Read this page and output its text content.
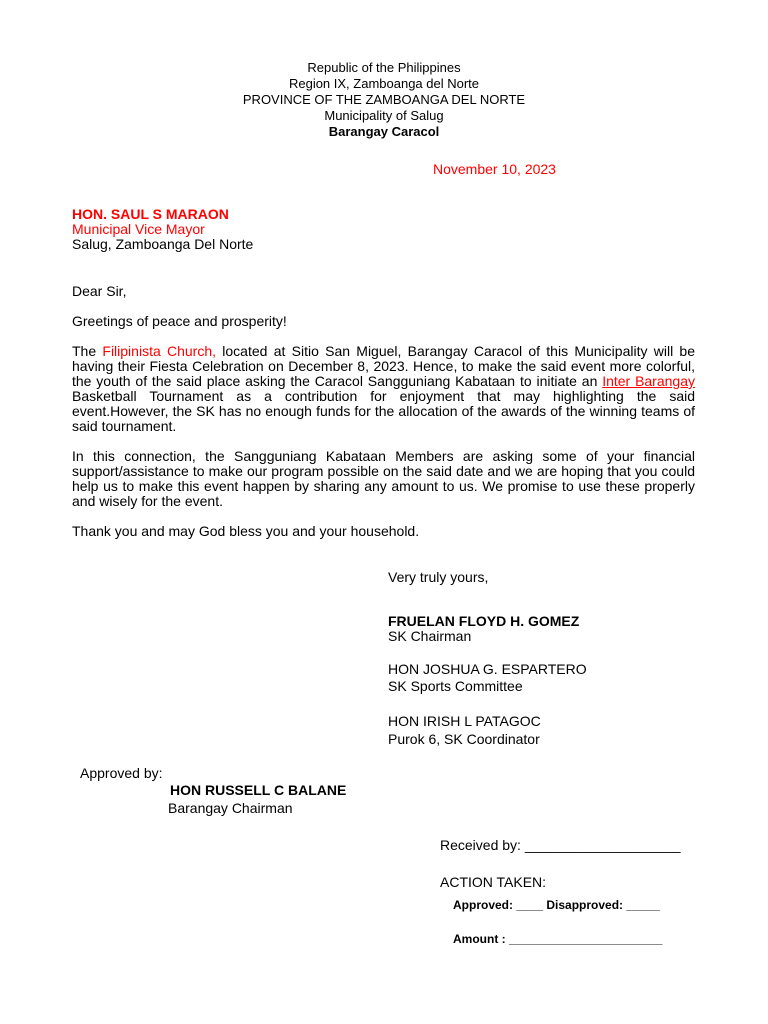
Republic of the Philippines
Region IX, Zamboanga del Norte
PROVINCE OF THE ZAMBOANGA DEL NORTE
Municipality of Salug
Barangay Caracol
November 10, 2023
HON. SAUL S MARAON
Municipal Vice Mayor
Salug, Zamboanga Del Norte
Dear Sir,
Greetings of peace and prosperity!
The Filipinista Church, located at Sitio San Miguel, Barangay Caracol of this Municipality will be having their Fiesta Celebration on December 8, 2023. Hence, to make the said event more colorful, the youth of the said place asking the Caracol Sangguniang Kabataan to initiate an Inter Barangay Basketball Tournament as a contribution for enjoyment that may highlighting the said event.However, the SK has no enough funds for the allocation of the awards of the winning teams of said tournament.
In this connection, the Sangguniang Kabataan Members are asking some of your financial support/assistance to make our program possible on the said date and we are hoping that you could help us to make this event happen by sharing any amount to us. We promise to use these properly and wisely for the event.
Thank you and may God bless you and your household.
Very truly yours,
FRUELAN FLOYD H. GOMEZ
SK Chairman
HON JOSHUA G. ESPARTERO
SK Sports Committee
HON IRISH L PATAGOC
Purok 6, SK Coordinator
Approved by:
HON RUSSELL C BALANE
Barangay Chairman
Received by: ____________________
ACTION TAKEN:
Approved: ____ Disapproved: _____
Amount : _______________________
